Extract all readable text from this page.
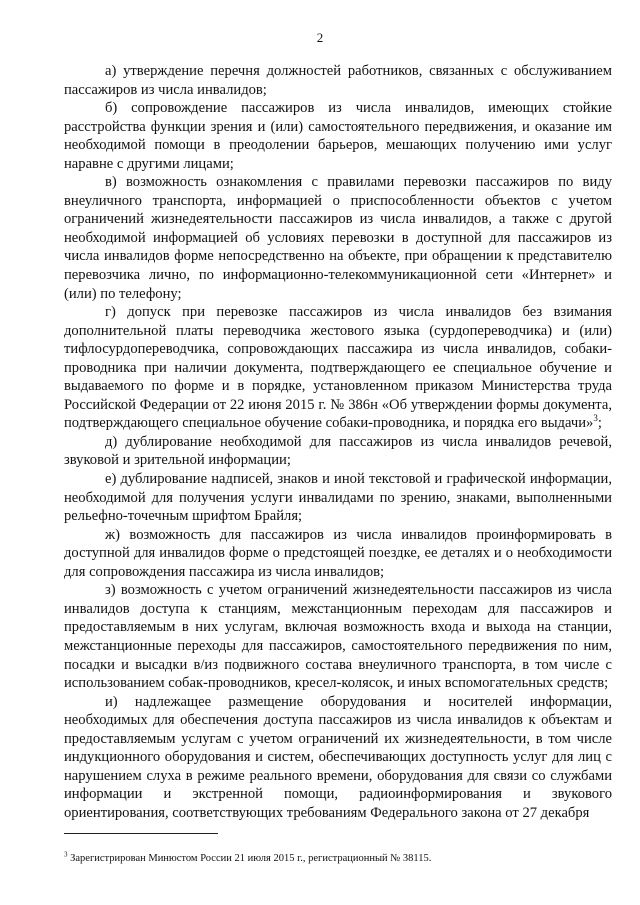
2

а) утверждение перечня должностей работников, связанных с обслуживанием пассажиров из числа инвалидов;

б) сопровождение пассажиров из числа инвалидов, имеющих стойкие расстройства функции зрения и (или) самостоятельного передвижения, и оказание им необходимой помощи в преодолении барьеров, мешающих получению ими услуг наравне с другими лицами;

в) возможность ознакомления с правилами перевозки пассажиров по виду внеуличного транспорта, информацией о приспособленности объектов с учетом ограничений жизнедеятельности пассажиров из числа инвалидов, а также с другой необходимой информацией об условиях перевозки в доступной для пассажиров из числа инвалидов форме непосредственно на объекте, при обращении к представителю перевозчика лично, по информационно-телекоммуникационной сети «Интернет» и (или) по телефону;

г) допуск при перевозке пассажиров из числа инвалидов без взимания дополнительной платы переводчика жестового языка (сурдопереводчика) и (или) тифлосурдопереводчика, сопровождающих пассажира из числа инвалидов, собаки-проводника при наличии документа, подтверждающего ее специальное обучение и выдаваемого по форме и в порядке, установленном приказом Министерства труда Российской Федерации от 22 июня 2015 г. № 386н «Об утверждении формы документа, подтверждающего специальное обучение собаки-проводника, и порядка его выдачи»$^3$;

д) дублирование необходимой для пассажиров из числа инвалидов речевой, звуковой и зрительной информации;

е) дублирование надписей, знаков и иной текстовой и графической информации, необходимой для получения услуги инвалидами по зрению, знаками, выполненными рельефно-точечным шрифтом Брайля;

ж) возможность для пассажиров из числа инвалидов проинформировать в доступной для инвалидов форме о предстоящей поездке, ее деталях и о необходимости для сопровождения пассажира из числа инвалидов;

з) возможность с учетом ограничений жизнедеятельности пассажиров из числа инвалидов доступа к станциям, межстанционным переходам для пассажиров и предоставляемым в них услугам, включая возможность входа и выхода на станции, межстанционные переходы для пассажиров, самостоятельного передвижения по ним, посадки и высадки в/из подвижного состава внеуличного транспорта, в том числе с использованием собак-проводников, кресел-колясок, и иных вспомогательных средств;

и) надлежащее размещение оборудования и носителей информации, необходимых для обеспечения доступа пассажиров из числа инвалидов к объектам и предоставляемым услугам с учетом ограничений их жизнедеятельности, в том числе индукционного оборудования и систем, обеспечивающих доступность услуг для лиц с нарушением слуха в режиме реального времени, оборудования для связи со службами информации и экстренной помощи, радиоинформирования и звукового ориентирования, соответствующих требованиям Федерального закона от 27 декабря

$^3$ Зарегистрирован Минюстом России 21 июля 2015 г., регистрационный № 38115.
